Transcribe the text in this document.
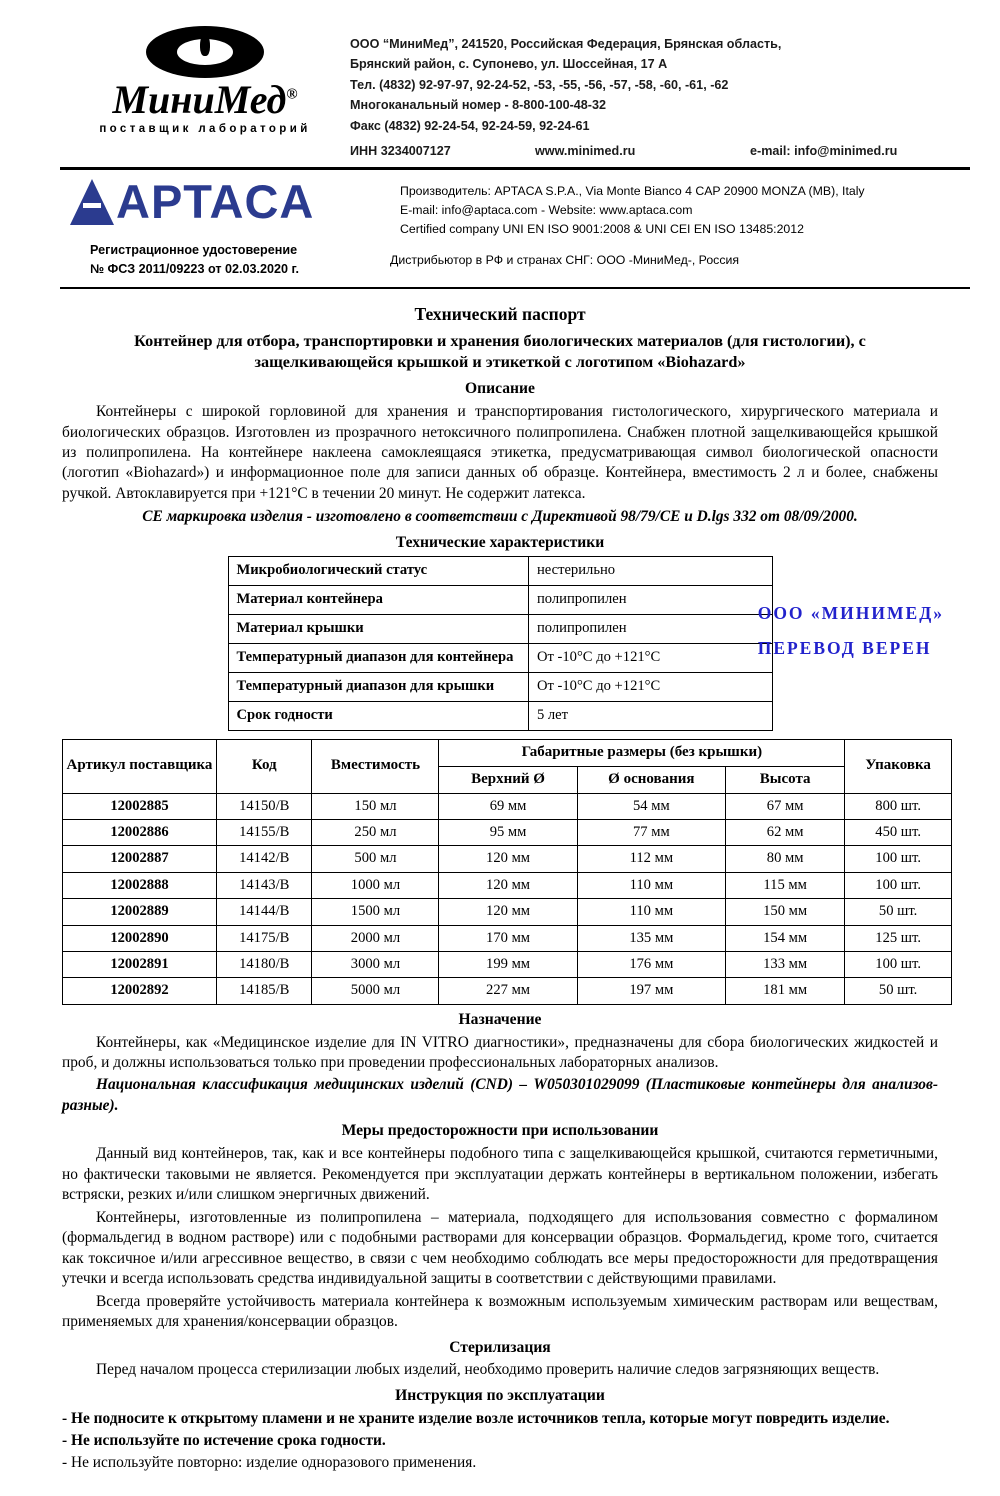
МиниМед®
поставщик лабораторий
ООО “МиниМед”, 241520, Российская Федерация, Брянская область,
Брянский район, с. Супонево, ул. Шоссейная, 17 А
Тел. (4832) 92-97-97, 92-24-52, -53, -55, -56, -57, -58, -60, -61, -62
Многоканальный номер - 8-800-100-48-32
Факс (4832) 92-24-54, 92-24-59, 92-24-61
ИНН 3234007127	www.minimed.ru	e-mail: info@minimed.ru
АPTACA	Производитель: APTACA S.P.A., Via Monte Bianco 4 CAP 20900 MONZA (MB), Italy
E-mail: info@aptaca.com - Website: www.aptaca.com
Certified company UNI EN ISO 9001:2008 & UNI CEI EN ISO 13485:2012
Регистрационное удостоверение
№ ФСЗ 2011/09223 от 02.03.2020 г.
Дистрибьютор в РФ и странах СНГ: ООО -МиниМед-, Россия
Технический паспорт
Контейнер для отбора, транспортировки и хранения биологических материалов (для гистологии), с
защелкивающейся крышкой и этикеткой с логотипом «Biohazard»
Описание

Контейнеры с широкой горловиной для хранения и транспортирования гистологического, хирургического материала и биологических образцов. Изготовлен из прозрачного нетоксичного полипропилена. Снабжен плотной защелкивающейся крышкой из полипропилена. На контейнере наклеена самоклеящаяся этикетка, предусматривающая символ биологической опасности (логотип «Biohazard») и информационное поле для записи данных об образце. Контейнера, вместимость 2 л и более, снабжены ручкой. Автоклавируется при +121°С в течении 20 минут. Не содержит латекса.

CE маркировка изделия - изготовлено в соответствии с Директивой 98/79/CE и D.lgs 332 от 08/09/2000.

Технические характеристики
Микробиологический статус	нестерильно
Материал контейнера	полипропилен
Материал крышки	полипропилен
Температурный диапазон для контейнера	От -10°С до +121°С
Температурный диапазон для крышки	От -10°С до +121°С
Срок годности	5 лет
Артикул поставщика	Код	Вместимость	Габаритные размеры (без крышки)			Упаковка
			Верхний Ø	Ø основания	Высота	
12002885	14150/В	150 мл	69 мм	54 мм	67 мм	800 шт.
12002886	14155/В	250 мл	95 мм	77 мм	62 мм	450 шт.
12002887	14142/В	500 мл	120 мм	112 мм	80 мм	100 шт.
12002888	14143/В	1000 мл	120 мм	110 мм	115 мм	100 шт.
12002889	14144/В	1500 мл	120 мм	110 мм	150 мм	50 шт.
12002890	14175/В	2000 мл	170 мм	135 мм	154 мм	125 шт.
12002891	14180/В	3000 мл	199 мм	176 мм	133 мм	100 шт.
12002892	14185/В	5000 мл	227 мм	197 мм	181 мм	50 шт.
Назначение

Контейнеры, как «Медицинское изделие для IN VITRO диагностики», предназначены для сбора биологических жидкостей и проб, и должны использоваться только при проведении профессиональных лабораторных анализов.

Национальная классификация медицинских изделий (CND) – W050301029099 (Пластиковые контейнеры для анализов- разные).

Меры предосторожности при использовании

Данный вид контейнеров, так, как и все контейнеры подобного типа с защелкивающейся крышкой, считаются герметичными, но фактически таковыми не является. Рекомендуется при эксплуатации держать контейнеры в вертикальном положении, избегать встряски, резких и/или слишком энергичных движений.

Контейнеры, изготовленные из полипропилена – материала, подходящего для использования совместно с формалином (формальдегид в водном растворе) или с подобными растворами для консервации образцов. Формальдегид, кроме того, считается как токсичное и/или агрессивное вещество, в связи с чем необходимо соблюдать все меры предосторожности для предотвращения утечки и всегда использовать средства индивидуальной защиты в соответствии с действующими правилами.

Всегда проверяйте устойчивость материала контейнера к возможным используемым химическим растворам или веществам, применяемых для хранения/консервации образцов.

Стерилизация

Перед началом процесса стерилизации любых изделий, необходимо проверить наличие следов загрязняющих веществ.

Инструкция по эксплуатации
- Не подносите к открытому пламени и не храните изделие возле источников тепла, которые могут повредить изделие.
- Не используйте по истечение срока годности.
- Не используйте повторно: изделие одноразового применения.
ООО «МИНИМЕД»
ПЕРЕВОД ВЕРЕН
